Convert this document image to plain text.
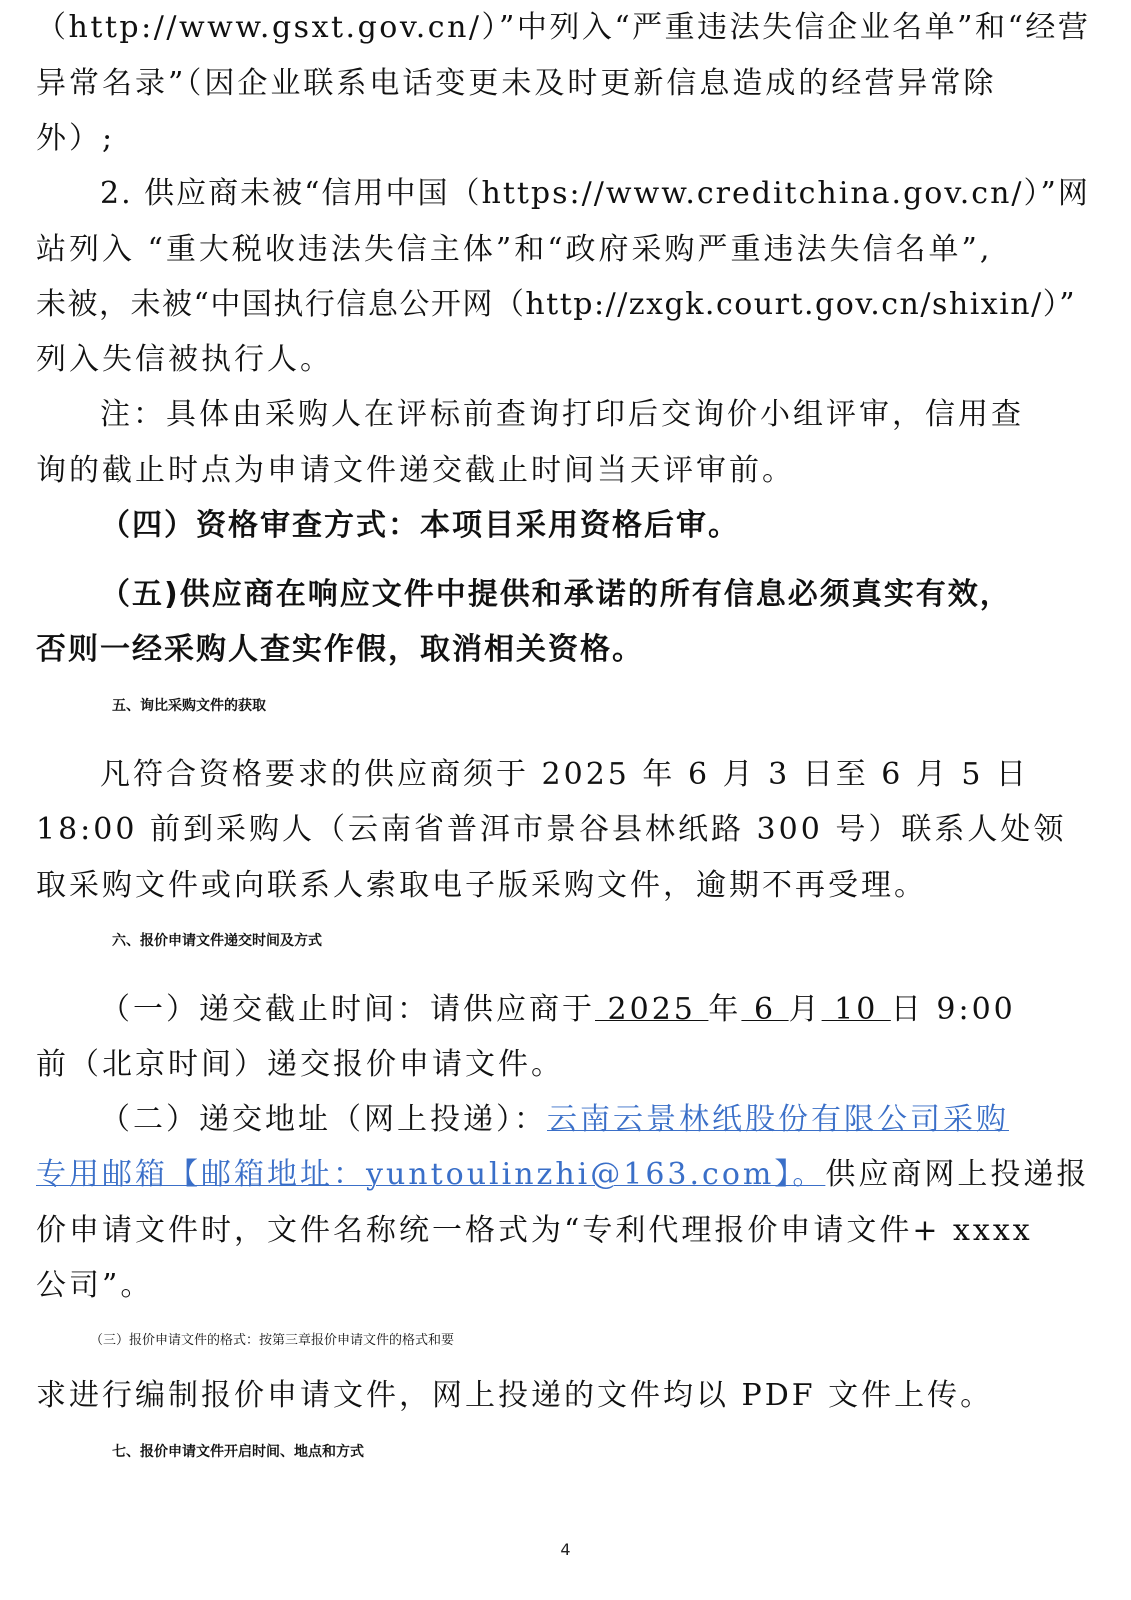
（http://www.gsxt.gov.cn/）”中列入“严重违法失信企业名单”和“经营
异常名录”（因企业联系电话变更未及时更新信息造成的经营异常除
外）;
2. 供应商未被“信用中国（https://www.creditchina.gov.cn/）”网
站列入 “重大税收违法失信主体”和“政府采购严重违法失信名单”,
未被，未被“中国执行信息公开网（http://zxgk.court.gov.cn/shixin/）”
列入失信被执行人。
注：具体由采购人在评标前查询打印后交询价小组评审，信用查
询的截止时点为申请文件递交截止时间当天评审前。
（四）资格审查方式：本项目采用资格后审。
（五)供应商在响应文件中提供和承诺的所有信息必须真实有效，
否则一经采购人查实作假，取消相关资格。
五、询比采购文件的获取
凡符合资格要求的供应商须于 2025 年 6 月 3 日至 6 月 5 日
18:00 前到采购人（云南省普洱市景谷县林纸路 300 号）联系人处领
取采购文件或向联系人索取电子版采购文件，逾期不再受理。
六、报价申请文件递交时间及方式
（一）递交截止时间：请供应商于 2025 年 6 月 10 日 9:00
前（北京时间）递交报价申请文件。
（二）递交地址（网上投递）：云南云景林纸股份有限公司采购
专用邮箱【邮箱地址：yuntoulinzhi@163.com】。供应商网上投递报
价申请文件时，文件名称统一格式为“专利代理报价申请文件+ xxxx
公司”。
（三）报价申请文件的格式：按第三章报价申请文件的格式和要
求进行编制报价申请文件，网上投递的文件均以 PDF 文件上传。
七、报价申请文件开启时间、地点和方式
4
